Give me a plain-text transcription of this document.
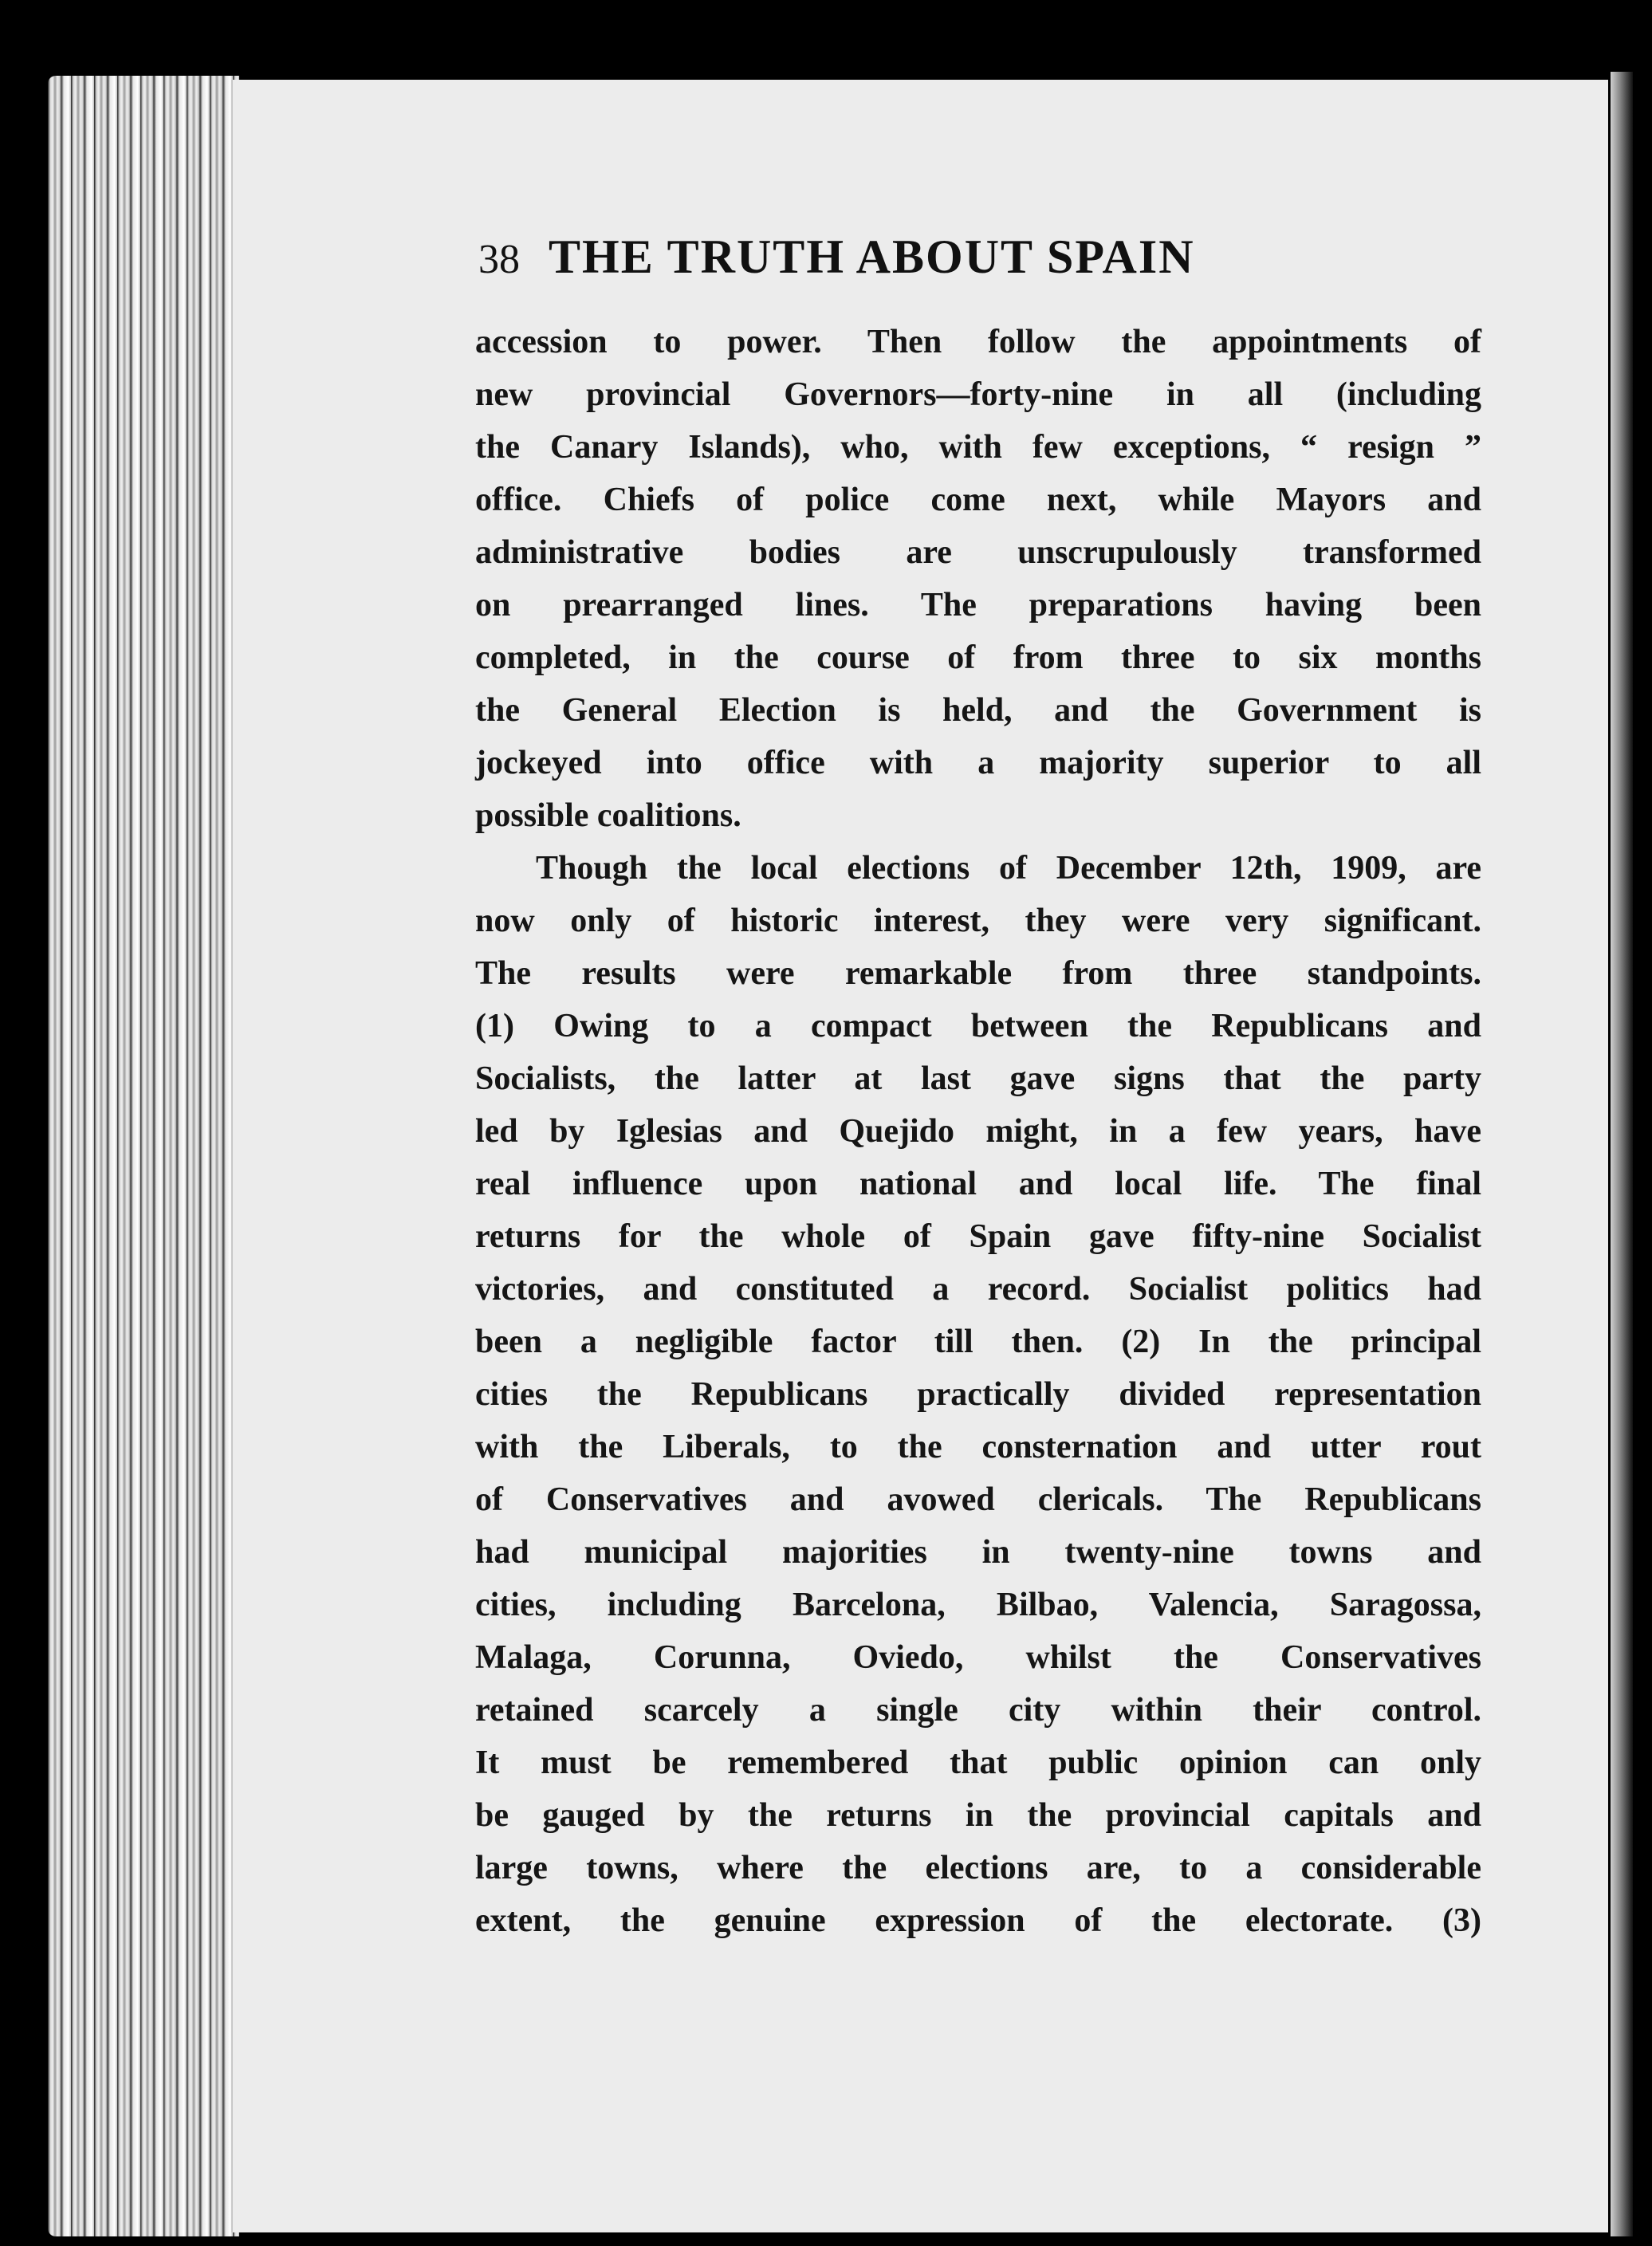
38 THE TRUTH ABOUT SPAIN
accession to power. Then follow the appointments of
new provincial Governors—forty-nine in all (including
the Canary Islands), who, with few exceptions, “ resign ”
office. Chiefs of police come next, while Mayors and
administrative bodies are unscrupulously transformed
on prearranged lines. The preparations having been
completed, in the course of from three to six months
the General Election is held, and the Government is
jockeyed into office with a majority superior to all
possible coalitions.
Though the local elections of December 12th, 1909, are
now only of historic interest, they were very significant.
The results were remarkable from three standpoints.
(1) Owing to a compact between the Republicans and
Socialists, the latter at last gave signs that the party
led by Iglesias and Quejido might, in a few years, have
real influence upon national and local life. The final
returns for the whole of Spain gave fifty-nine Socialist
victories, and constituted a record. Socialist politics had
been a negligible factor till then. (2) In the principal
cities the Republicans practically divided representation
with the Liberals, to the consternation and utter rout
of Conservatives and avowed clericals. The Republicans
had municipal majorities in twenty-nine towns and
cities, including Barcelona, Bilbao, Valencia, Saragossa,
Malaga, Corunna, Oviedo, whilst the Conservatives
retained scarcely a single city within their control.
It must be remembered that public opinion can only
be gauged by the returns in the provincial capitals and
large towns, where the elections are, to a considerable
extent, the genuine expression of the electorate. (3)
